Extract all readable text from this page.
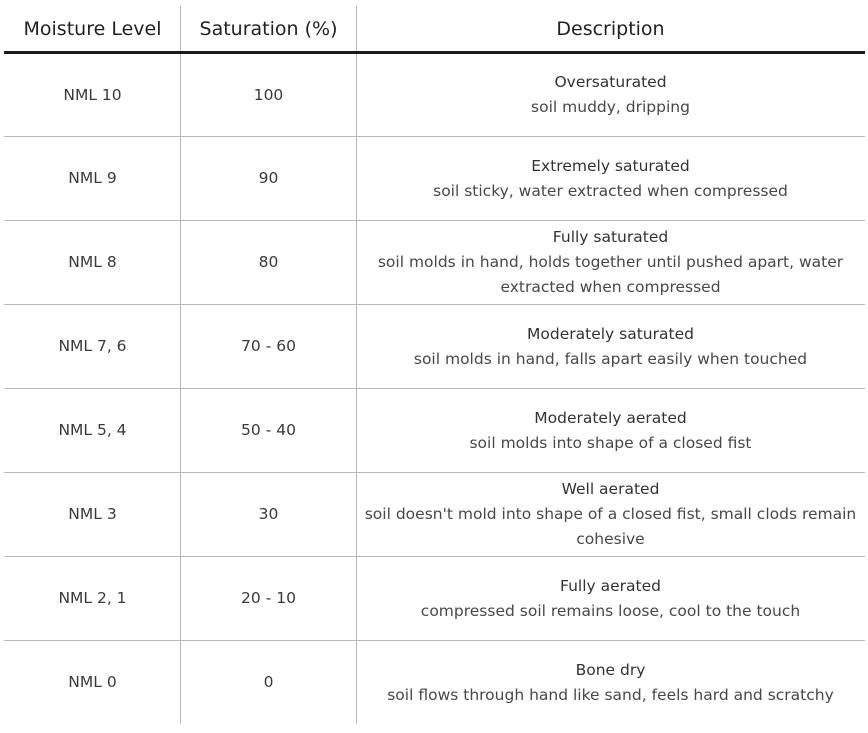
Moisture Level	Saturation (%)	Description
NML 10	100	Oversaturated
soil muddy, dripping

NML 9	90	Extremely saturated
soil sticky, water extracted when compressed

NML 8	80	Fully saturated
soil molds in hand, holds together until pushed apart, water extracted when compressed

NML 7, 6	70 - 60	Moderately saturated
soil molds in hand, falls apart easily when touched

NML 5, 4	50 - 40	Moderately aerated
soil molds into shape of a closed fist

NML 3	30	Well aerated
soil doesn't mold into shape of a closed fist, small clods remain cohesive

NML 2, 1	20 - 10	Fully aerated
compressed soil remains loose, cool to the touch

NML 0	0	Bone dry
soil flows through hand like sand, feels hard and scratchy
